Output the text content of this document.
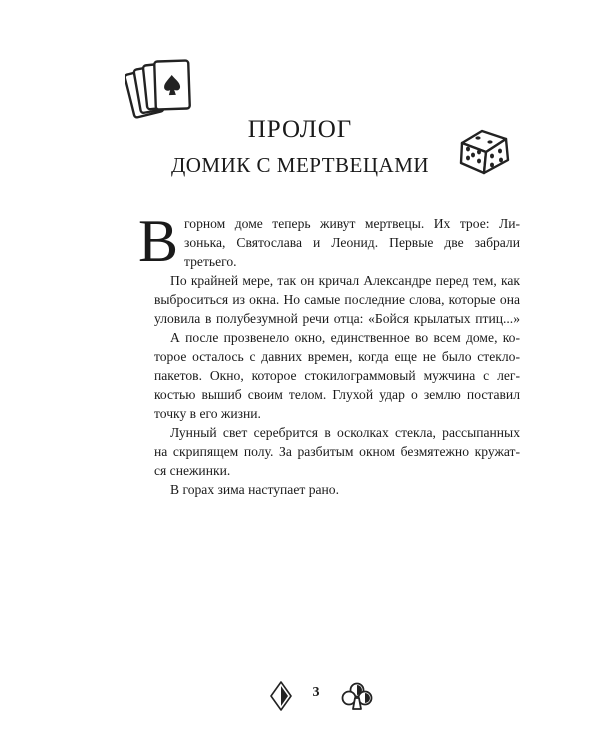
ПРОЛОГ
ДОМИК С МЕРТВЕЦАМИ

В горном доме теперь живут мертвецы. Их трое: Ли-
зонька, Святослава и Леонид. Первые две забрали
третьего.

По крайней мере, так он кричал Александре перед тем, как
выброситься из окна. Но самые последние слова, которые она
уловила в полубезумной речи отца: «Бойся крылатых птиц...»

А после прозвенело окно, единственное во всем доме, ко-
торое осталось с давних времен, когда еще не было стекло-
пакетов. Окно, которое стокилограммовый мужчина с лег-
костью вышиб своим телом. Глухой удар о землю поставил
точку в его жизни.

Лунный свет серебрится в осколках стекла, рассыпанных
на скрипящем полу. За разбитым окном безмятежно кружат-
ся снежинки.

В горах зима наступает рано.

3
